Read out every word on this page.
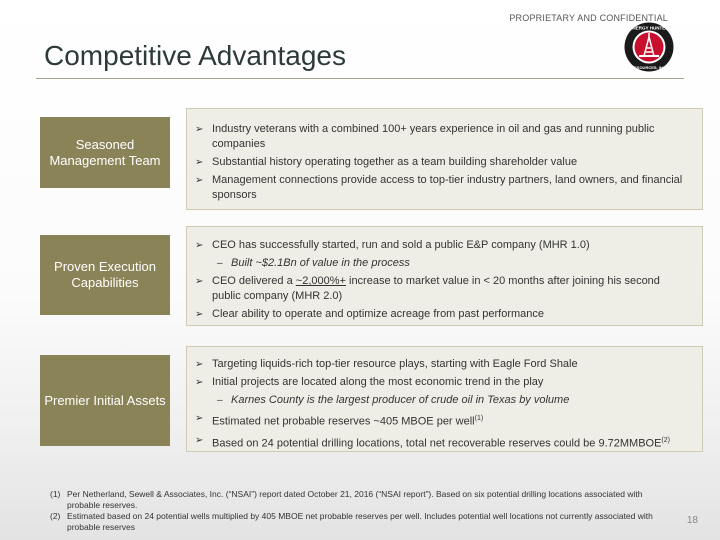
PROPRIETARY AND CONFIDENTIAL
Competitive Advantages
ENERGY HUNTER
RESOURCES, INC.
Seasoned Management Team
➢ Industry veterans with a combined 100+ years experience in oil and gas and running public companies
➢ Substantial history operating together as a team building shareholder value
➢ Management connections provide access to top-tier industry partners, land owners, and financial sponsors
Proven Execution Capabilities
➢ CEO has successfully started, run and sold a public E&P company (MHR 1.0)
– Built ~$2.1Bn of value in the process
➢ CEO delivered a ~2,000%+ increase to market value in < 20 months after joining his second public company (MHR 2.0)
➢ Clear ability to operate and optimize acreage from past performance
Premier Initial Assets
➢ Targeting liquids-rich top-tier resource plays, starting with Eagle Ford Shale
➢ Initial projects are located along the most economic trend in the play
– Karnes County is the largest producer of crude oil in Texas by volume
➢ Estimated net probable reserves ~405 MBOE per well$^{(1)}$
➢ Based on 24 potential drilling locations, total net recoverable reserves could be 9.72MMBOE$^{(2)}$
(1) Per Netherland, Sewell & Associates, Inc. (“NSAI”) report dated October 21, 2016 (“NSAI report”). Based on six potential drilling locations associated with probable reserves.
(2) Estimated based on 24 potential wells multiplied by 405 MBOE net probable reserves per well. Includes potential well locations not currently associated with probable reserves
18
